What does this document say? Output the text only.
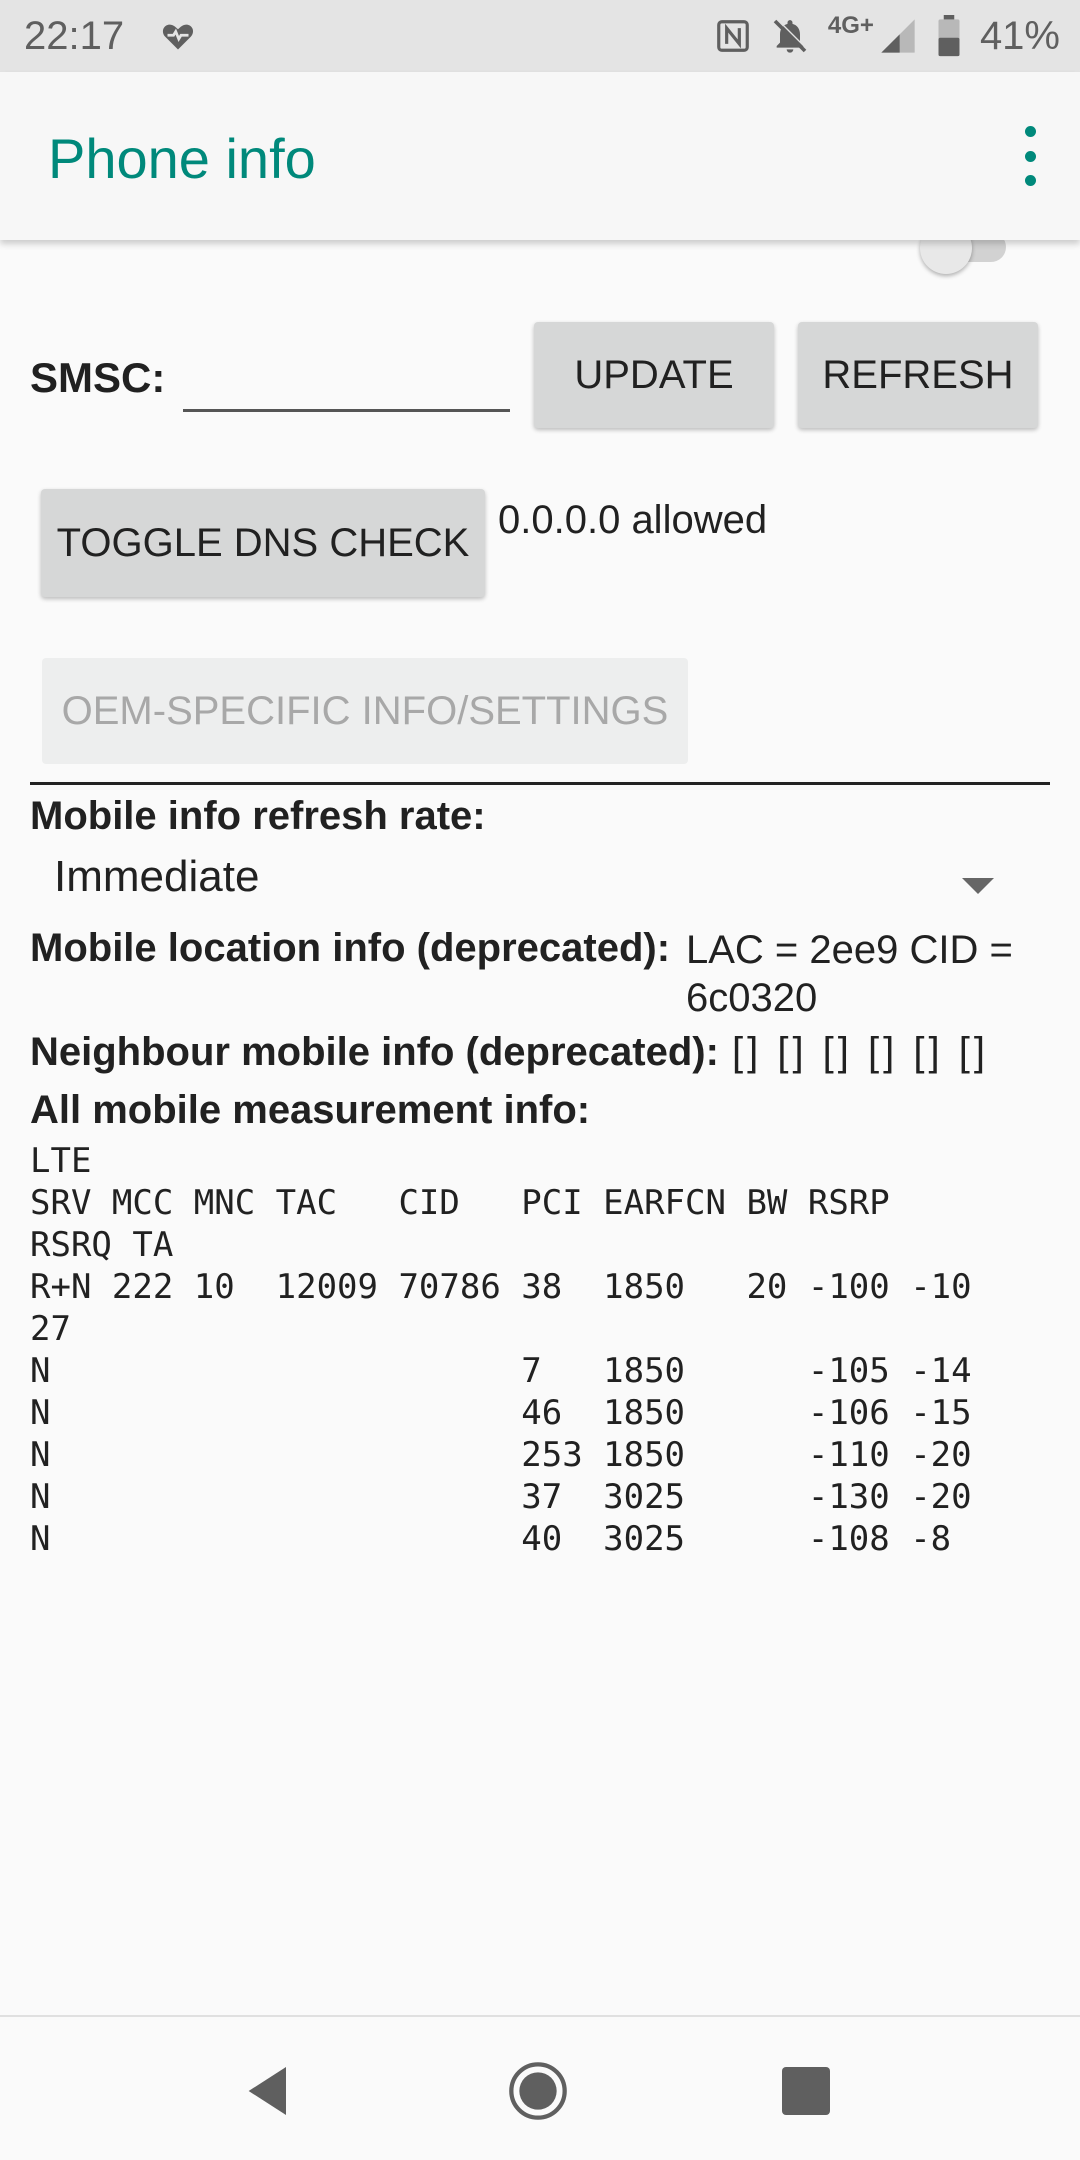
22:17	4G+	41%
Phone info
SMSC:	UPDATE	REFRESH
TOGGLE DNS CHECK
0.0.0.0 allowed
OEM-SPECIFIC INFO/SETTINGS
Mobile info refresh rate:
Immediate
Mobile location info (deprecated): LAC = 2ee9 CID = 6c0320
Neighbour mobile info (deprecated): [] [] [] [] [] []
All mobile measurement info:
LTE
SRV MCC MNC TAC   CID   PCI EARFCN BW RSRP
RSRQ TA
R+N 222 10  12009 70786 38  1850   20 -100 -10
27
N                       7   1850      -105 -14
N                       46  1850      -106 -15
N                       253 1850      -110 -20
N                       37  3025      -130 -20
N                       40  3025      -108 -8
